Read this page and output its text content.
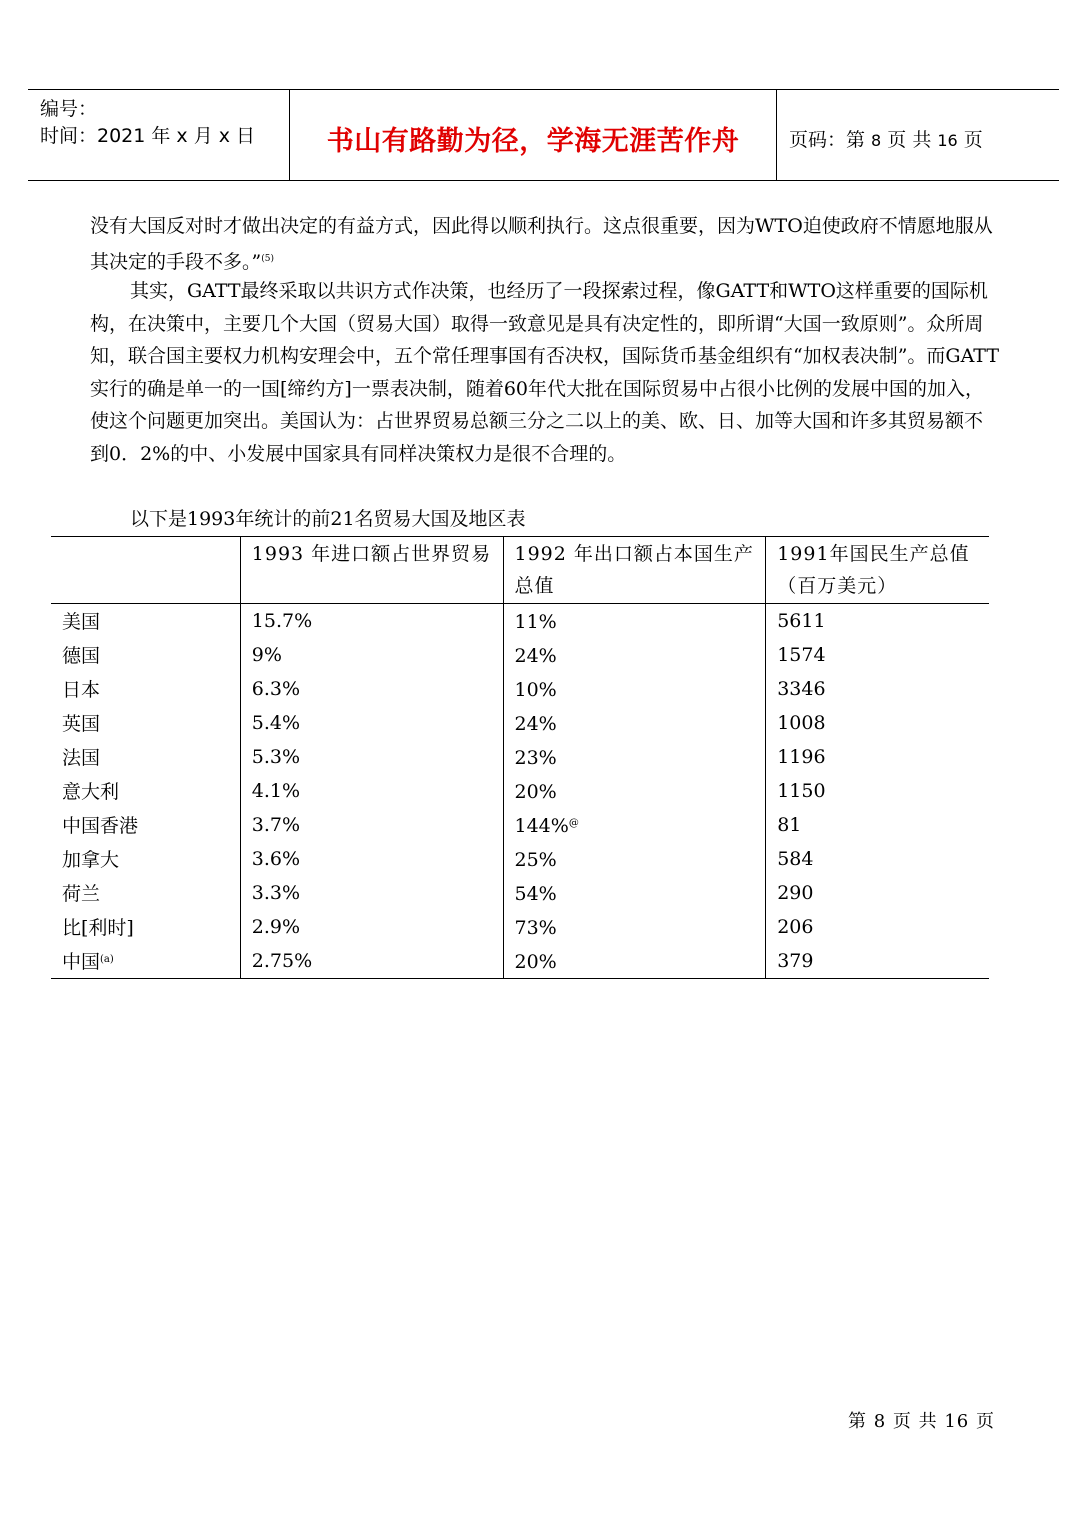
编号：
时间：2021 年 x 月 x 日	书山有路勤为径，学海无涯苦作舟	页码：第 8 页 共 16 页
没有大国反对时才做出决定的有益方式，因此得以顺利执行。这点很重要，因为WTO迫使政府不情愿地服从其决定的手段不多。”$^{(5)}$
其实，GATT最终采取以共识方式作决策，也经历了一段探索过程，像GATT和WTO这样重要的国际机构，在决策中，主要几个大国（贸易大国）取得一致意见是具有决定性的，即所谓“大国一致原则”。众所周知，联合国主要权力机构安理会中，五个常任理事国有否决权，国际货币基金组织有“加权表决制”。而GATT实行的确是单一的一国[缔约方]一票表决制，随着60年代大批在国际贸易中占很小比例的发展中国的加入，使这个问题更加突出。美国认为：占世界贸易总额三分之二以上的美、欧、日、加等大国和许多其贸易额不到0．2%的中、小发展中国家具有同样决策权力是很不合理的。
以下是1993年统计的前21名贸易大国及地区表
	1993 年进口额占世界贸易	1992 年出口额占本国生产总值	1991年国民生产总值（百万美元）
美国	15.7%	11%	5611
德国	9%	24%	1574
日本	6.3%	10%	3346
英国	5.4%	24%	1008
法国	5.3%	23%	1196
意大利	4.1%	20%	1150
中国香港	3.7%	144%@	81
加拿大	3.6%	25%	584
荷兰	3.3%	54%	290
比[利时]	2.9%	73%	206
中国$^{(a)}$	2.75%	20%	379
第 8 页 共 16 页
